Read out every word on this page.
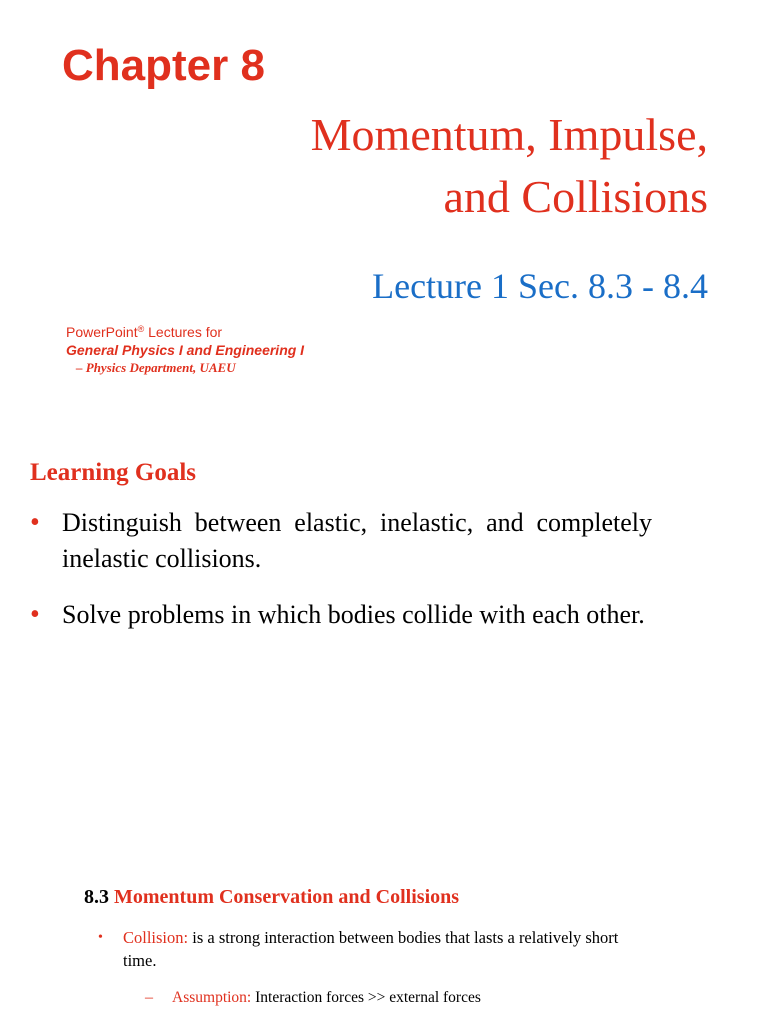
Chapter 8
Momentum, Impulse,
and Collisions
Lecture 1 Sec. 8.3 - 8.4
PowerPoint® Lectures for
General Physics I and Engineering I
– Physics Department, UAEU
Learning Goals
• Distinguish between elastic, inelastic, and completely inelastic collisions.
• Solve problems in which bodies collide with each other.
8.3 Momentum Conservation and Collisions
• Collision: is a strong interaction between bodies that lasts a relatively short time.
– Assumption: Interaction forces >> external forces
